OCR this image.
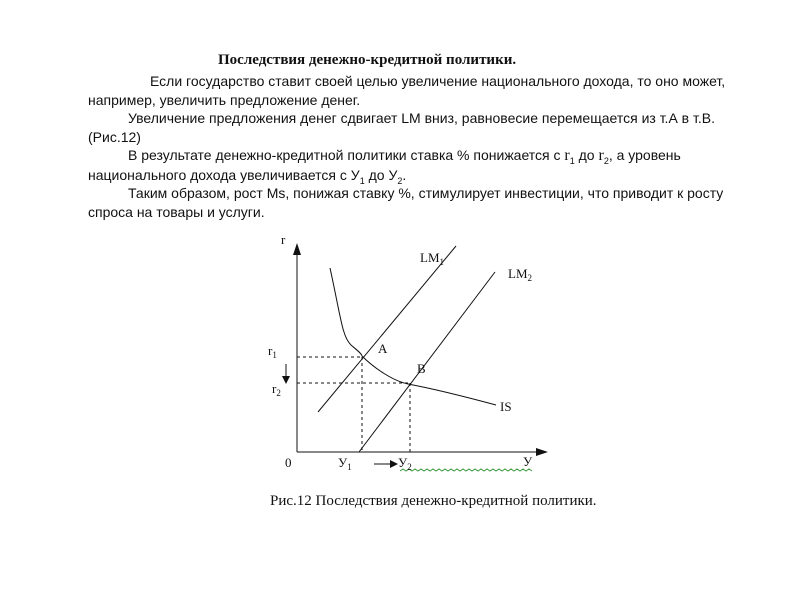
Последствия денежно-кредитной политики.

Если государство ставит своей целью увеличение национального дохода, то оно может, например, увеличить предложение денег.

Увеличение предложения денег сдвигает LM вниз, равновесие перемещается из т.А в т.В.(Рис.12)

В результате денежно-кредитной политики ставка % понижается с $r_1$ до $r_2$, а уровень национального дохода увеличивается с $У_1$ до $У_2$.

Таким образом, рост Ms, понижая ставку %, стимулирует инвестиции, что приводит к росту спроса на товары и услуги.

r
У
0
$LM_1$
$LM_2$
IS
A
B
$r_1$
$r_2$
$У_1$	$У_2$
Рис.12 Последствия денежно-кредитной политики.
